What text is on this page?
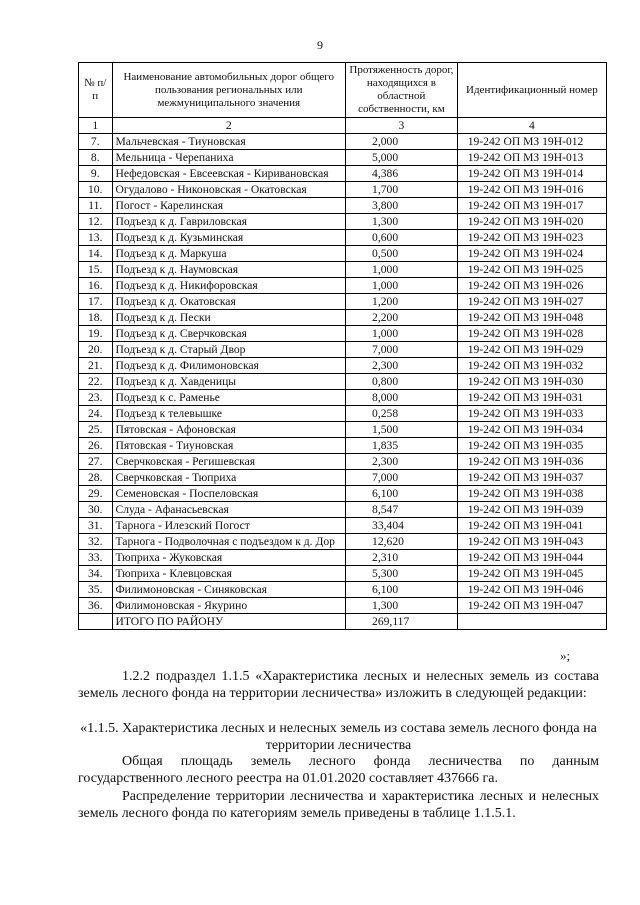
9
№ п/п	Наименование автомобильных дорог общего пользования региональных или межмуниципального значения	Протяженность дорог, находящихся в областной собственности, км	Идентификационный номер
1	2	3	4
7.	Мальчевская - Тиуновская	2,000	19-242 ОП МЗ 19Н-012
8.	Мельница - Черепаниха	5,000	19-242 ОП МЗ 19Н-013
9.	Нефедовская - Евсеевская - Киривановская	4,386	19-242 ОП МЗ 19Н-014
10.	Огудалово - Никоновская - Окатовская	1,700	19-242 ОП МЗ 19Н-016
11.	Погост - Карелинская	3,800	19-242 ОП МЗ 19Н-017
12.	Подъезд к д. Гавриловская	1,300	19-242 ОП МЗ 19Н-020
13.	Подъезд к д. Кузьминская	0,600	19-242 ОП МЗ 19Н-023
14.	Подъезд к д. Маркуша	0,500	19-242 ОП МЗ 19Н-024
15.	Подъезд к д. Наумовская	1,000	19-242 ОП МЗ 19Н-025
16.	Подъезд к д. Никифоровская	1,000	19-242 ОП МЗ 19Н-026
17.	Подъезд к д. Окатовская	1,200	19-242 ОП МЗ 19Н-027
18.	Подъезд к д. Пески	2,200	19-242 ОП МЗ 19Н-048
19.	Подъезд к д. Сверчковская	1,000	19-242 ОП МЗ 19Н-028
20.	Подъезд к д. Старый Двор	7,000	19-242 ОП МЗ 19Н-029
21.	Подъезд к д. Филимоновская	2,300	19-242 ОП МЗ 19Н-032
22.	Подъезд к д. Хавденицы	0,800	19-242 ОП МЗ 19Н-030
23.	Подъезд к с. Раменье	8,000	19-242 ОП МЗ 19Н-031
24.	Подъезд к телевышке	0,258	19-242 ОП МЗ 19Н-033
25.	Пятовская - Афоновская	1,500	19-242 ОП МЗ 19Н-034
26.	Пятовская - Тиуновская	1,835	19-242 ОП МЗ 19Н-035
27.	Сверчковская - Регишевская	2,300	19-242 ОП МЗ 19Н-036
28.	Сверчковская - Тюприха	7,000	19-242 ОП МЗ 19Н-037
29.	Семеновская - Поспеловская	6,100	19-242 ОП МЗ 19Н-038
30.	Слуда - Афанасьевская	8,547	19-242 ОП МЗ 19Н-039
31.	Тарнога - Илезский Погост	33,404	19-242 ОП МЗ 19Н-041
32.	Тарнога - Подволочная с подъездом к д. Дор	12,620	19-242 ОП МЗ 19Н-043
33.	Тюприха - Жуковская	2,310	19-242 ОП МЗ 19Н-044
34.	Тюприха - Клевцовская	5,300	19-242 ОП МЗ 19Н-045
35.	Филимоновская - Синяковская	6,100	19-242 ОП МЗ 19Н-046
36.	Филимоновская - Якурино	1,300	19-242 ОП МЗ 19Н-047
	ИТОГО ПО РАЙОНУ	269,117	
»;
1.2.2 подраздел 1.1.5 «Характеристика лесных и нелесных земель из состава земель лесного фонда на территории лесничества» изложить в следующей редакции:
«1.1.5. Характеристика лесных и нелесных земель из состава земель лесного фонда на территории лесничества
Общая площадь земель лесного фонда лесничества по данным государственного лесного реестра на 01.01.2020 составляет 437666 га.
Распределение территории лесничества и характеристика лесных и нелесных земель лесного фонда по категориям земель приведены в таблице 1.1.5.1.
